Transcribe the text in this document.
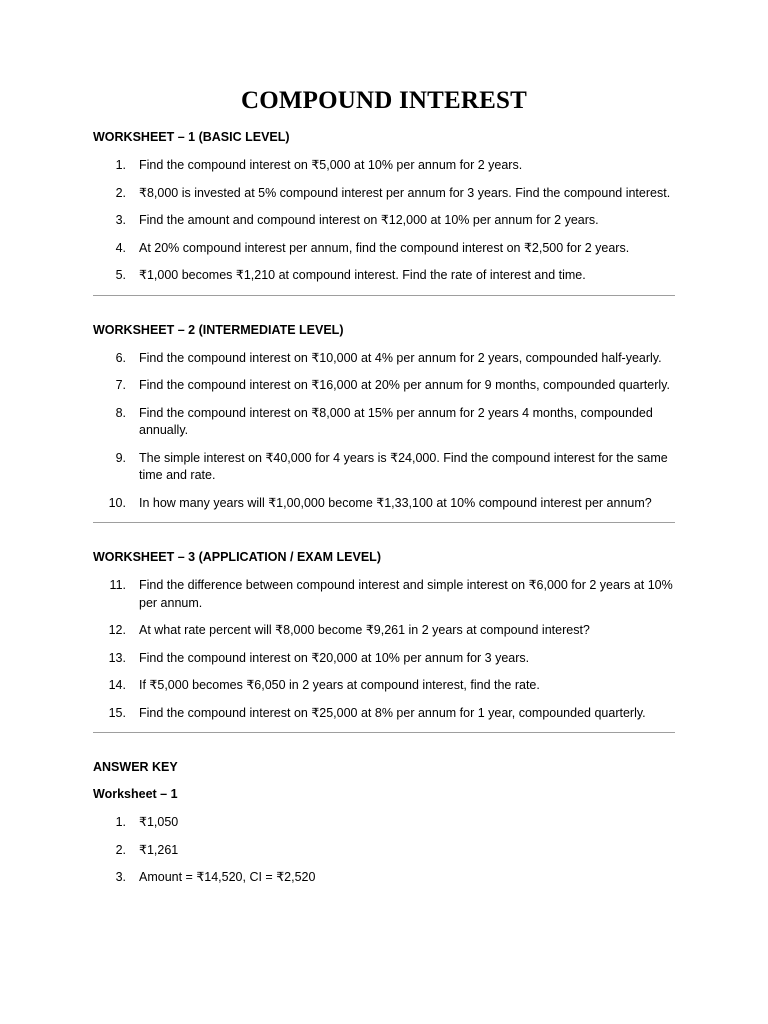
COMPOUND INTEREST
WORKSHEET – 1 (BASIC LEVEL)
1. Find the compound interest on ₹5,000 at 10% per annum for 2 years.
2. ₹8,000 is invested at 5% compound interest per annum for 3 years. Find the compound interest.
3. Find the amount and compound interest on ₹12,000 at 10% per annum for 2 years.
4. At 20% compound interest per annum, find the compound interest on ₹2,500 for 2 years.
5. ₹1,000 becomes ₹1,210 at compound interest. Find the rate of interest and time.
WORKSHEET – 2 (INTERMEDIATE LEVEL)
6. Find the compound interest on ₹10,000 at 4% per annum for 2 years, compounded half-yearly.
7. Find the compound interest on ₹16,000 at 20% per annum for 9 months, compounded quarterly.
8. Find the compound interest on ₹8,000 at 15% per annum for 2 years 4 months, compounded annually.
9. The simple interest on ₹40,000 for 4 years is ₹24,000. Find the compound interest for the same time and rate.
10. In how many years will ₹1,00,000 become ₹1,33,100 at 10% compound interest per annum?
WORKSHEET – 3 (APPLICATION / EXAM LEVEL)
11. Find the difference between compound interest and simple interest on ₹6,000 for 2 years at 10% per annum.
12. At what rate percent will ₹8,000 become ₹9,261 in 2 years at compound interest?
13. Find the compound interest on ₹20,000 at 10% per annum for 3 years.
14. If ₹5,000 becomes ₹6,050 in 2 years at compound interest, find the rate.
15. Find the compound interest on ₹25,000 at 8% per annum for 1 year, compounded quarterly.
ANSWER KEY
Worksheet – 1
1. ₹1,050
2. ₹1,261
3. Amount = ₹14,520, CI = ₹2,520
